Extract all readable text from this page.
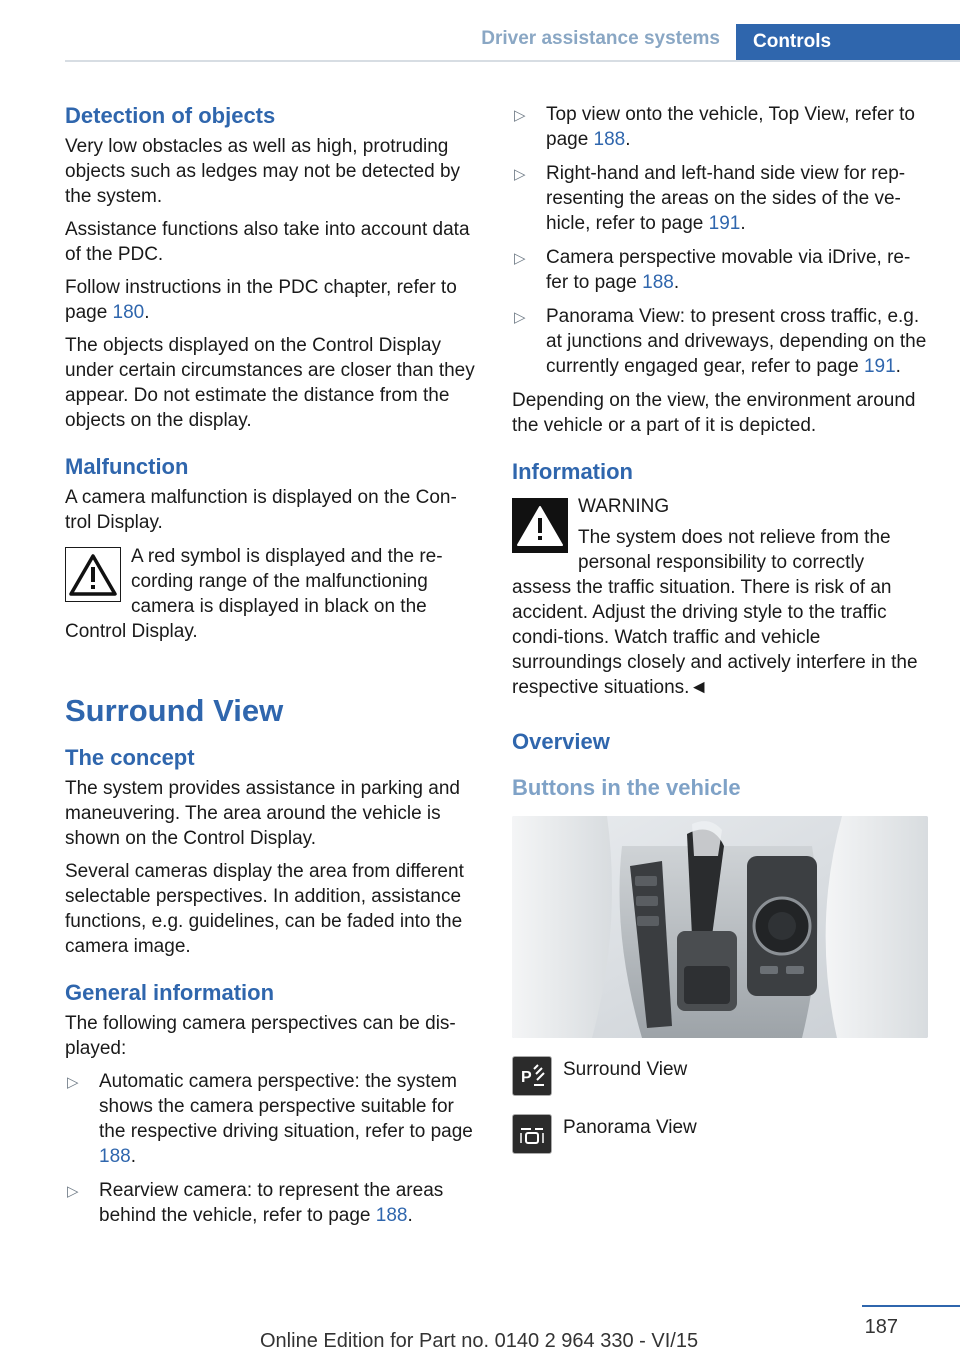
Driver assistance systems	Controls
Detection of objects

Very low obstacles as well as high, protruding objects such as ledges may not be detected by the system.

Assistance functions also take into account data of the PDC.

Follow instructions in the PDC chapter, refer to page 180.

The objects displayed on the Control Display under certain circumstances are closer than they appear. Do not estimate the distance from the objects on the display.

Malfunction

A camera malfunction is displayed on the Con-trol Display.

A red symbol is displayed and the re-cording range of the malfunctioning camera is displayed in black on the Control Display.

Surround View
The concept

The system provides assistance in parking and maneuvering. The area around the vehicle is shown on the Control Display.

Several cameras display the area from different selectable perspectives. In addition, assistance functions, e.g. guidelines, can be faded into the camera image.

General information

The following camera perspectives can be dis-played:

▷ Automatic camera perspective: the system shows the camera perspective suitable for the respective driving situation, refer to page 188.
▷ Rearview camera: to represent the areas behind the vehicle, refer to page 188.
▷ Top view onto the vehicle, Top View, refer to page 188.
▷ Right-hand and left-hand side view for rep-resenting the areas on the sides of the ve-hicle, refer to page 191.
▷ Camera perspective movable via iDrive, re-fer to page 188.
▷ Panorama View: to present cross traffic, e.g. at junctions and driveways, depending on the currently engaged gear, refer to page 191.

Depending on the view, the environment around the vehicle or a part of it is depicted.

Information

WARNING

The system does not relieve from the personal responsibility to correctly assess the traffic situation. There is risk of an accident. Adjust the driving style to the traffic condi-tions. Watch traffic and vehicle surroundings closely and actively interfere in the respective situations.◄

Overview
Buttons in the vehicle
P Surround View
Panorama View
187
Online Edition for Part no. 0140 2 964 330 - VI/15
